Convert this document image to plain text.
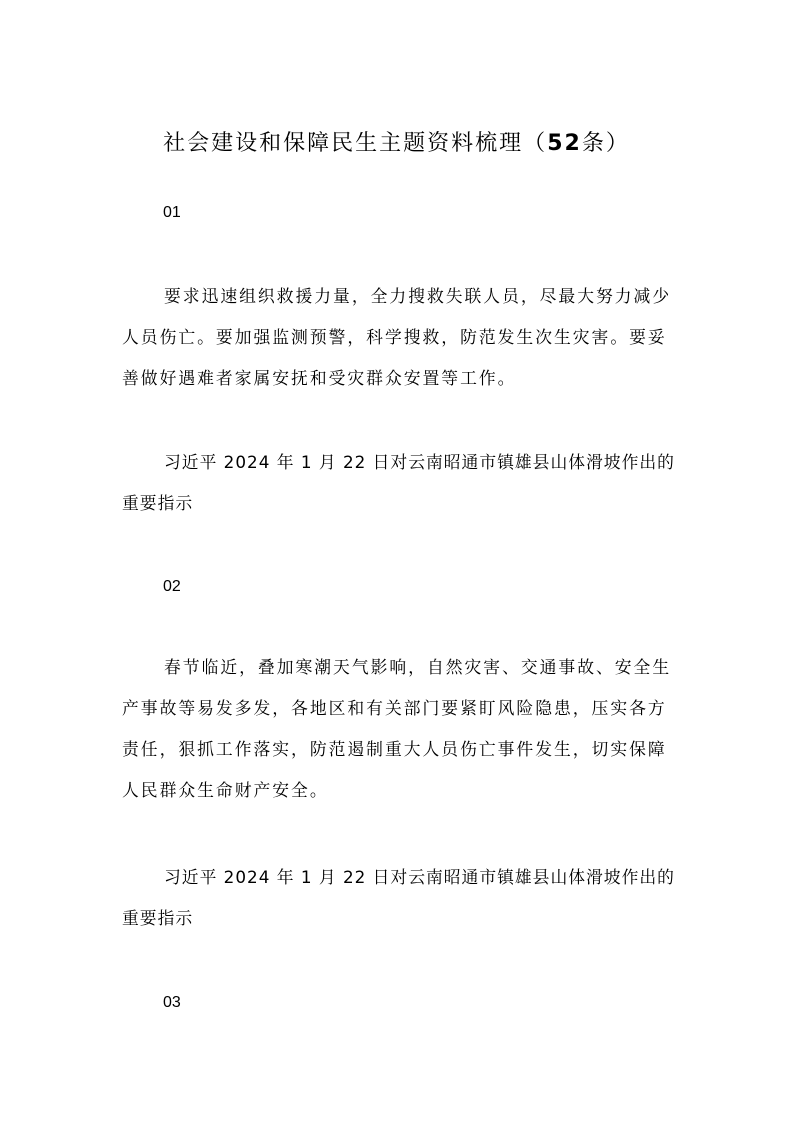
社会建设和保障民生主题资料梳理（52条）
01

要求迅速组织救援力量，全力搜救失联人员，尽最大努力减少人员伤亡。要加强监测预警，科学搜救，防范发生次生灾害。要妥善做好遇难者家属安抚和受灾群众安置等工作。

习近平 2024 年 1 月 22 日对云南昭通市镇雄县山体滑坡作出的重要指示

02

春节临近，叠加寒潮天气影响，自然灾害、交通事故、安全生产事故等易发多发，各地区和有关部门要紧盯风险隐患，压实各方责任，狠抓工作落实，防范遏制重大人员伤亡事件发生，切实保障人民群众生命财产安全。

习近平 2024 年 1 月 22 日对云南昭通市镇雄县山体滑坡作出的重要指示

03
